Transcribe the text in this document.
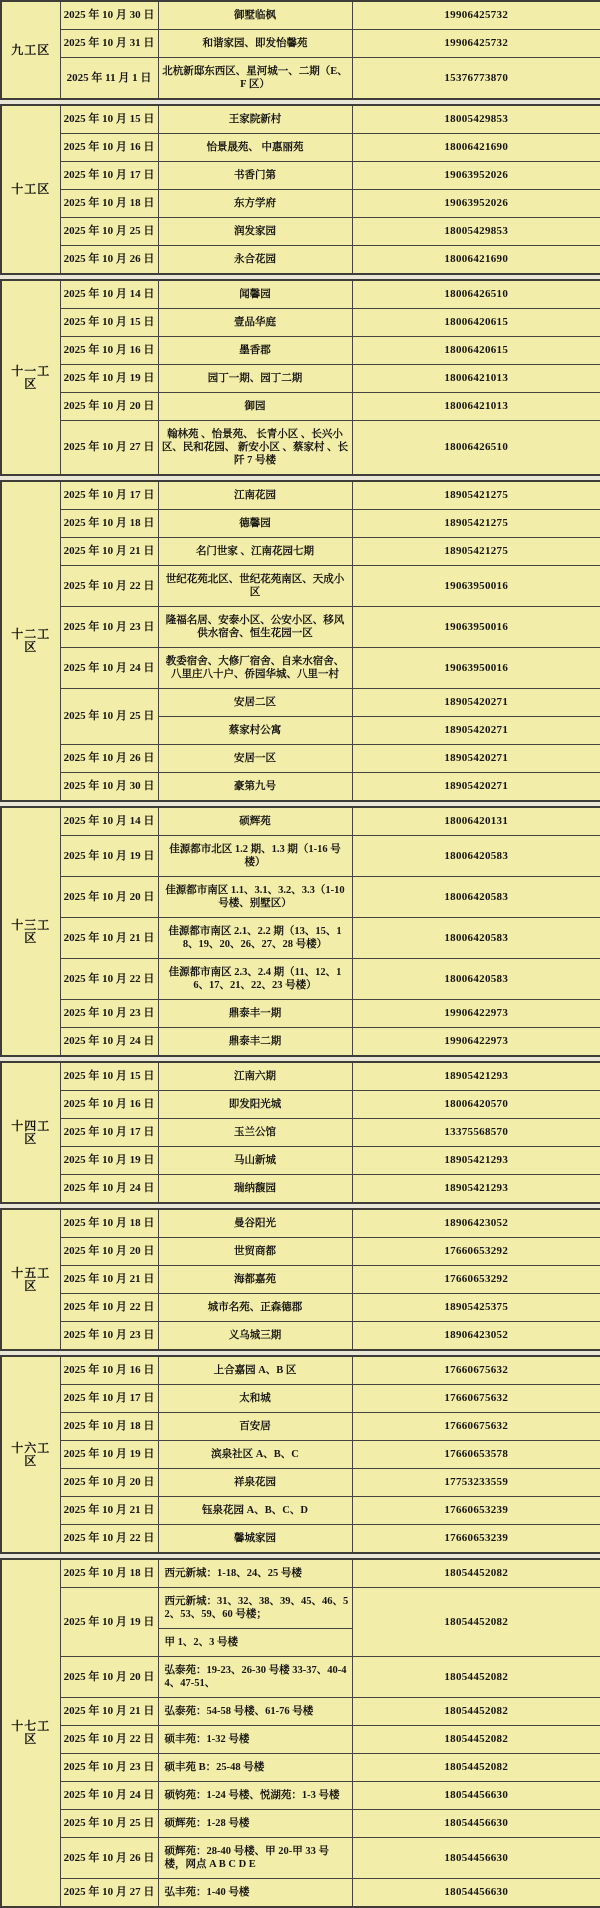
九工区	2025 年 10 月 30 日	御墅临枫	19906425732
	2025 年 10 月 31 日	和谐家园、即发怡馨苑	19906425732
	2025 年 11 月 1 日	北杭新邸东西区、星河城一、二期（E、F 区）	15376773870
十工区	2025 年 10 月 15 日	王家院新村	18005429853
	2025 年 10 月 16 日	怡景晟苑、 中惠丽苑	18006421690
	2025 年 10 月 17 日	书香门第	19063952026
	2025 年 10 月 18 日	东方学府	19063952026
	2025 年 10 月 25 日	润发家园	18005429853
	2025 年 10 月 26 日	永合花园	18006421690
十一工区	2025 年 10 月 14 日	闻馨园	18006426510
	2025 年 10 月 15 日	壹品华庭	18006420615
	2025 年 10 月 16 日	墨香郡	18006420615
	2025 年 10 月 19 日	园丁一期、园丁二期	18006421013
	2025 年 10 月 20 日	御园	18006421013
	2025 年 10 月 27 日	翰林苑 、怡景苑、 长青小区 、长兴小区、民和花园、 新安小区 、蔡家村 、长阡 7 号楼	18006426510
十二工区	2025 年 10 月 17 日	江南花园	18905421275
	2025 年 10 月 18 日	德馨园	18905421275
	2025 年 10 月 21 日	名门世家 、江南花园七期	18905421275
	2025 年 10 月 22 日	世纪花苑北区、世纪花苑南区、天成小区	19063950016
	2025 年 10 月 23 日	隆福名居、安泰小区、公安小区、移风供水宿舍、恒生花园一区	19063950016
	2025 年 10 月 24 日	教委宿舍、大修厂宿舍、自来水宿舍、八里庄八十户、侨园华城、八里一村	19063950016
	2025 年 10 月 25 日	安居二区	18905420271
		蔡家村公寓	18905420271
	2025 年 10 月 26 日	安居一区	18905420271
	2025 年 10 月 30 日	豪第九号	18905420271
十三工区	2025 年 10 月 14 日	硕辉苑	18006420131
	2025 年 10 月 19 日	佳源都市北区 1.2 期、1.3 期（1-16 号楼）	18006420583
	2025 年 10 月 20 日	佳源都市南区 1.1、3.1、3.2、3.3（1-10 号楼、别墅区）	18006420583
	2025 年 10 月 21 日	佳源都市南区 2.1、2.2 期（13、15、18、19、20、26、27、28 号楼）	18006420583
	2025 年 10 月 22 日	佳源都市南区 2.3、2.4 期（11、12、16、17、21、22、23 号楼）	18006420583
	2025 年 10 月 23 日	鼎泰丰一期	19906422973
	2025 年 10 月 24 日	鼎泰丰二期	19906422973
十四工区	2025 年 10 月 15 日	江南六期	18905421293
	2025 年 10 月 16 日	即发阳光城	18006420570
	2025 年 10 月 17 日	玉兰公馆	13375568570
	2025 年 10 月 19 日	马山新城	18905421293
	2025 年 10 月 24 日	瑞纳馥园	18905421293
十五工区	2025 年 10 月 18 日	曼谷阳光	18906423052
	2025 年 10 月 20 日	世贸商都	17660653292
	2025 年 10 月 21 日	海都嘉苑	17660653292
	2025 年 10 月 22 日	城市名苑、正森德郡	18905425375
	2025 年 10 月 23 日	义乌城三期	18906423052
十六工区	2025 年 10 月 16 日	上合嘉园 A、B 区	17660675632
	2025 年 10 月 17 日	太和城	17660675632
	2025 年 10 月 18 日	百安居	17660675632
	2025 年 10 月 19 日	滨泉社区 A、B、C	17660653578
	2025 年 10 月 20 日	祥泉花园	17753233559
	2025 年 10 月 21 日	钰泉花园 A、B、C、D	17660653239
	2025 年 10 月 22 日	馨城家园	17660653239
十七工区	2025 年 10 月 18 日	西元新城：1-18、24、25 号楼	18054452082
	2025 年 10 月 19 日	西元新城：31、32、38、39、45、46、52、53、59、60 号楼；	18054452082
		甲 1、2、3 号楼	
	2025 年 10 月 20 日	弘泰苑：19-23、26-30 号楼 33-37、40-44、47-51、	18054452082
	2025 年 10 月 21 日	弘泰苑：54-58 号楼、61-76 号楼	18054452082
	2025 年 10 月 22 日	硕丰苑：1-32 号楼	18054452082
	2025 年 10 月 23 日	硕丰苑 B：25-48 号楼	18054452082
	2025 年 10 月 24 日	硕钧苑：1-24 号楼、悦湖苑：1-3 号楼	18054456630
	2025 年 10 月 25 日	硕辉苑：1-28 号楼	18054456630
	2025 年 10 月 26 日	硕辉苑：28-40 号楼、甲 20-甲 33 号楼，网点 A B C D E	18054456630
	2025 年 10 月 27 日	弘丰苑：1-40 号楼	18054456630
